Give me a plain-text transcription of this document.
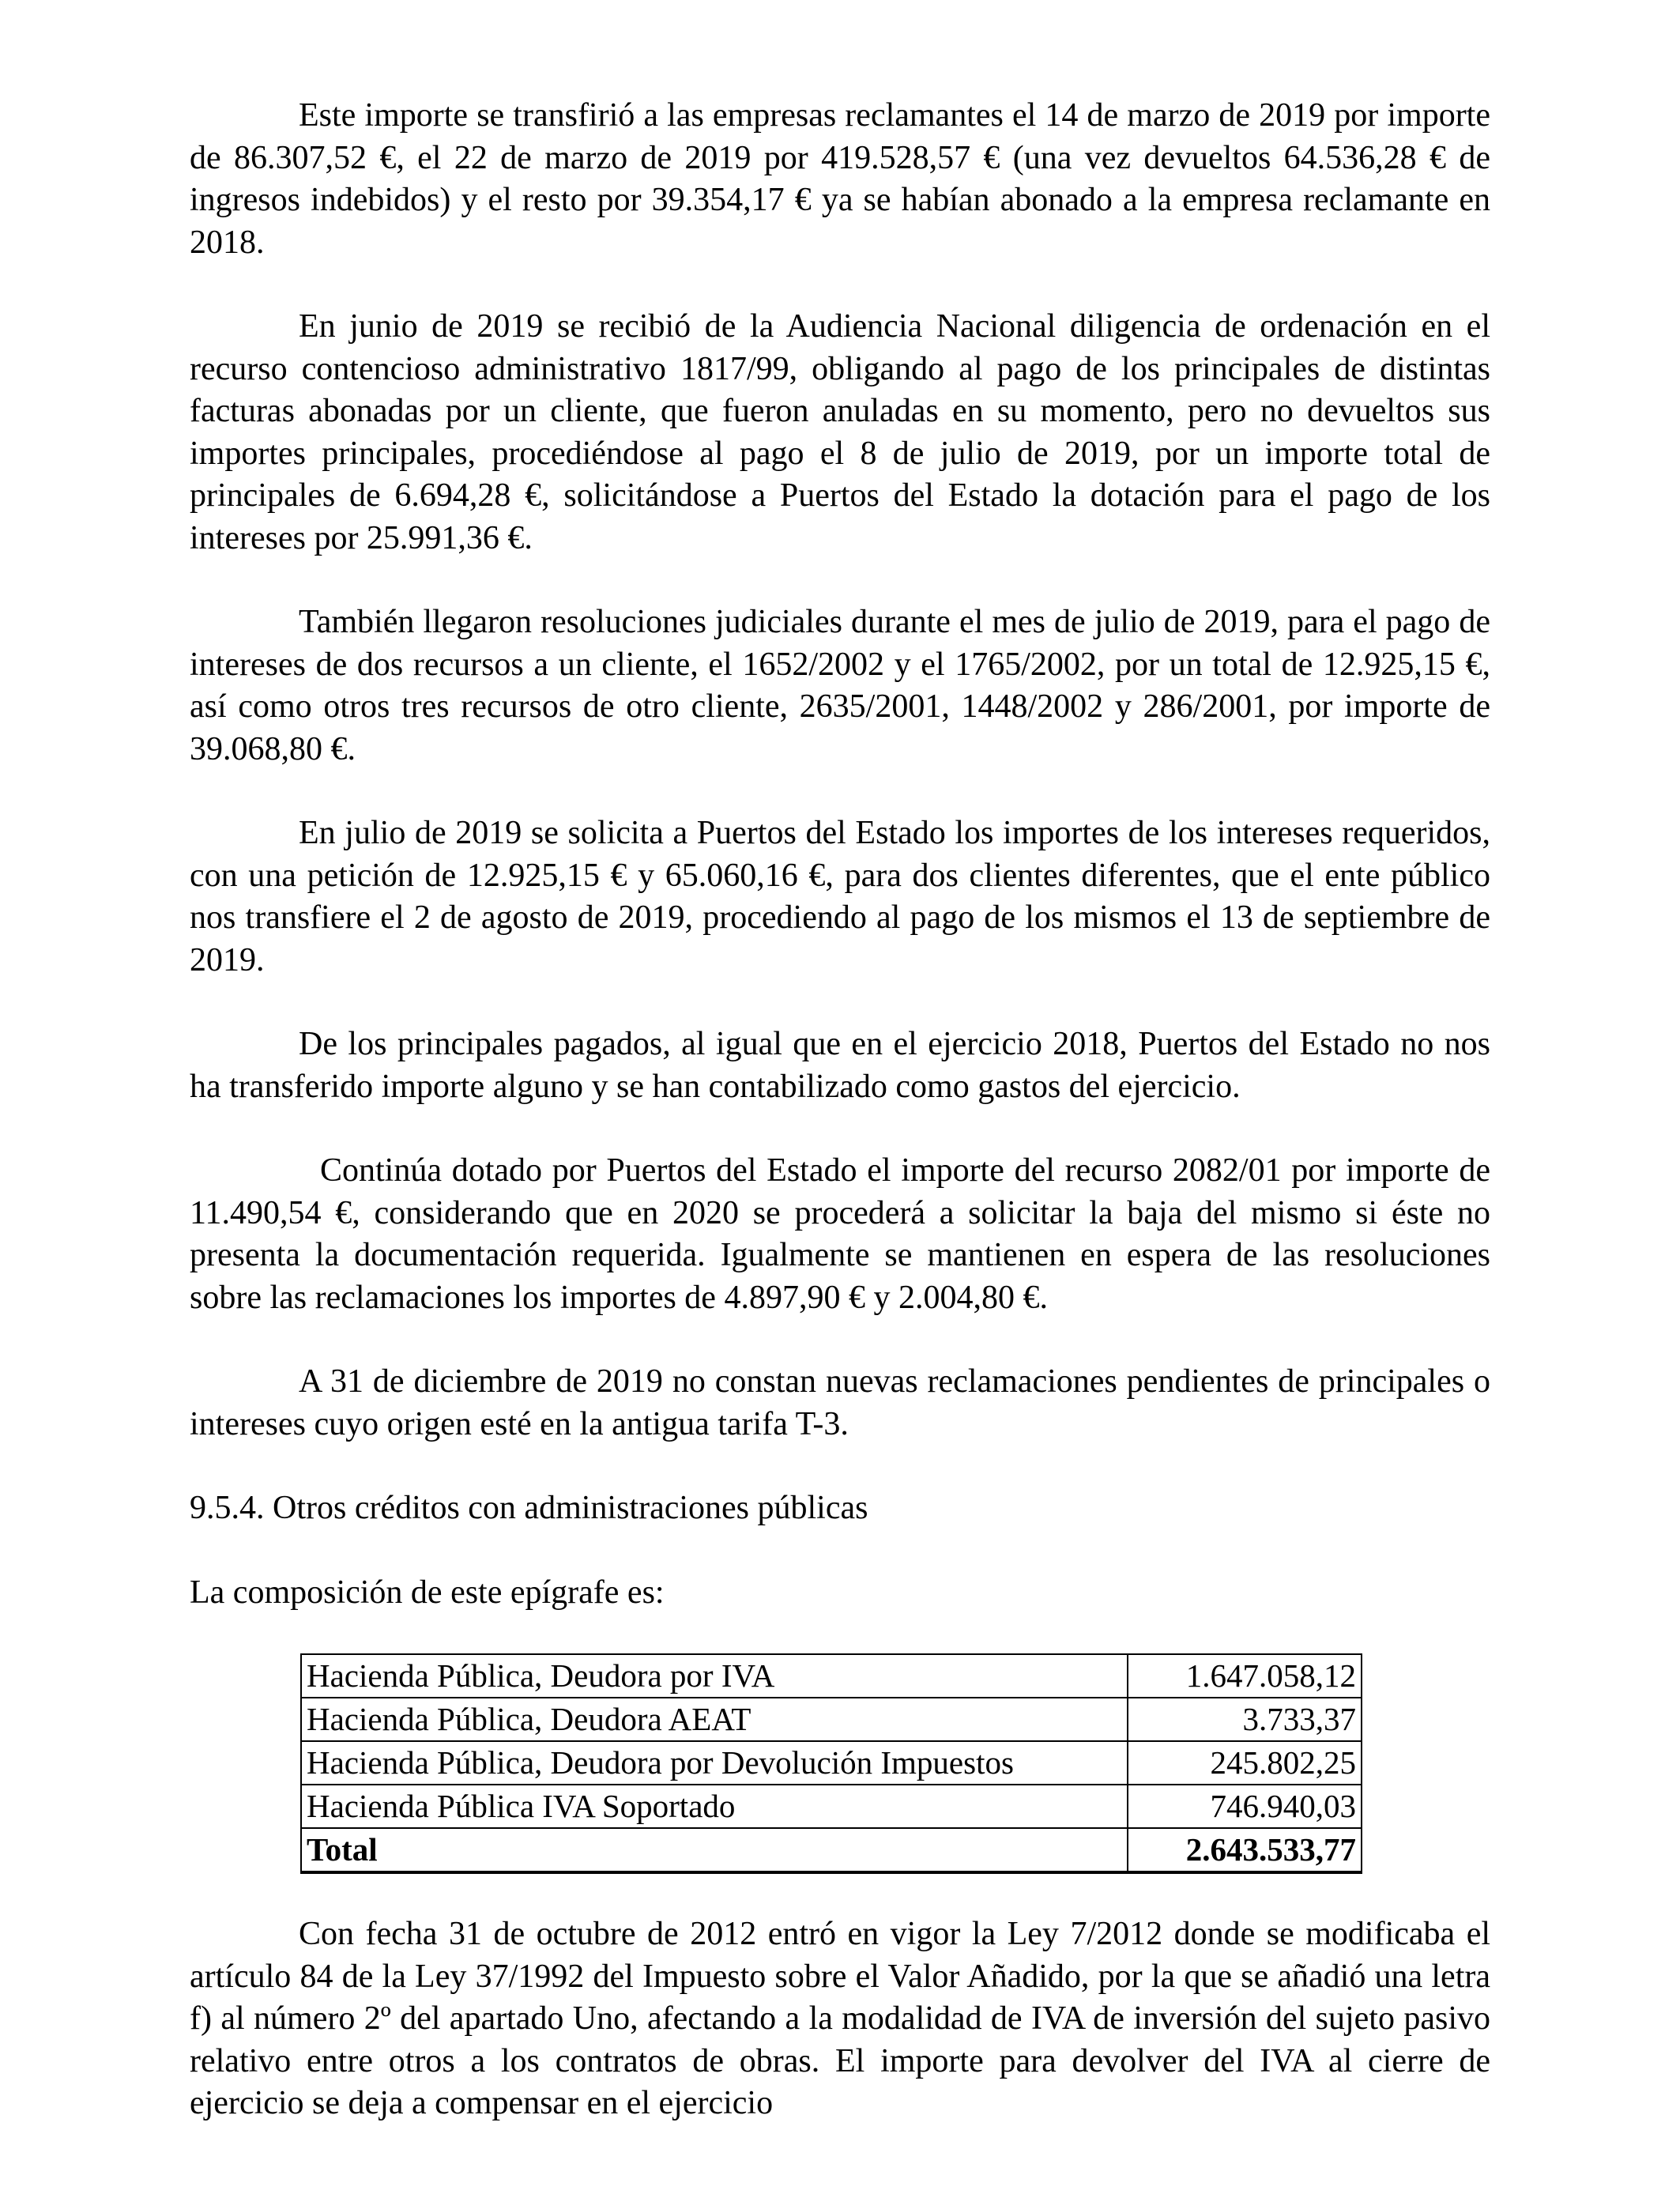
Este importe se transfirió a las empresas reclamantes el 14 de marzo de 2019 por importe de 86.307,52 €, el 22 de marzo de 2019 por 419.528,57 € (una vez devueltos 64.536,28 € de ingresos indebidos) y el resto por 39.354,17 € ya se habían abonado a la empresa reclamante en 2018.

En junio de 2019 se recibió de la Audiencia Nacional diligencia de ordenación en el recurso contencioso administrativo 1817/99, obligando al pago de los principales de distintas facturas abonadas por un cliente, que fueron anuladas en su momento, pero no devueltos sus importes principales, procediéndose al pago el 8 de julio de 2019, por un importe total de principales de 6.694,28 €, solicitándose a Puertos del Estado la dotación para el pago de los intereses por 25.991,36 €.

También llegaron resoluciones judiciales durante el mes de julio de 2019, para el pago de intereses de dos recursos a un cliente, el 1652/2002 y el 1765/2002, por un total de 12.925,15 €, así como otros tres recursos de otro cliente, 2635/2001, 1448/2002 y 286/2001, por importe de 39.068,80 €.

En julio de 2019 se solicita a Puertos del Estado los importes de los intereses requeridos, con una petición de 12.925,15 € y 65.060,16 €, para dos clientes diferentes, que el ente público nos transfiere el 2 de agosto de 2019, procediendo al pago de los mismos el 13 de septiembre de 2019.

De los principales pagados, al igual que en el ejercicio 2018, Puertos del Estado no nos ha transferido importe alguno y se han contabilizado como gastos del ejercicio.

Continúa dotado por Puertos del Estado el importe del recurso 2082/01 por importe de 11.490,54 €, considerando que en 2020 se procederá a solicitar la baja del mismo si éste no presenta la documentación requerida. Igualmente se mantienen en espera de las resoluciones sobre las reclamaciones los importes de 4.897,90 € y 2.004,80 €.

A 31 de diciembre de 2019 no constan nuevas reclamaciones pendientes de principales o intereses cuyo origen esté en la antigua tarifa T-3.

9.5.4. Otros créditos con administraciones públicas

La composición de este epígrafe es:

Hacienda Pública, Deudora por IVA	1.647.058,12
Hacienda Pública, Deudora AEAT	3.733,37
Hacienda Pública, Deudora por Devolución Impuestos	245.802,25
Hacienda Pública IVA Soportado	746.940,03
Total	2.643.533,77

Con fecha 31 de octubre de 2012 entró en vigor la Ley 7/2012 donde se modificaba el artículo 84 de la Ley 37/1992 del Impuesto sobre el Valor Añadido, por la que se añadió una letra f) al número 2º del apartado Uno, afectando a la modalidad de IVA de inversión del sujeto pasivo relativo entre otros a los contratos de obras. El importe para devolver del IVA al cierre de ejercicio se deja a compensar en el ejercicio
